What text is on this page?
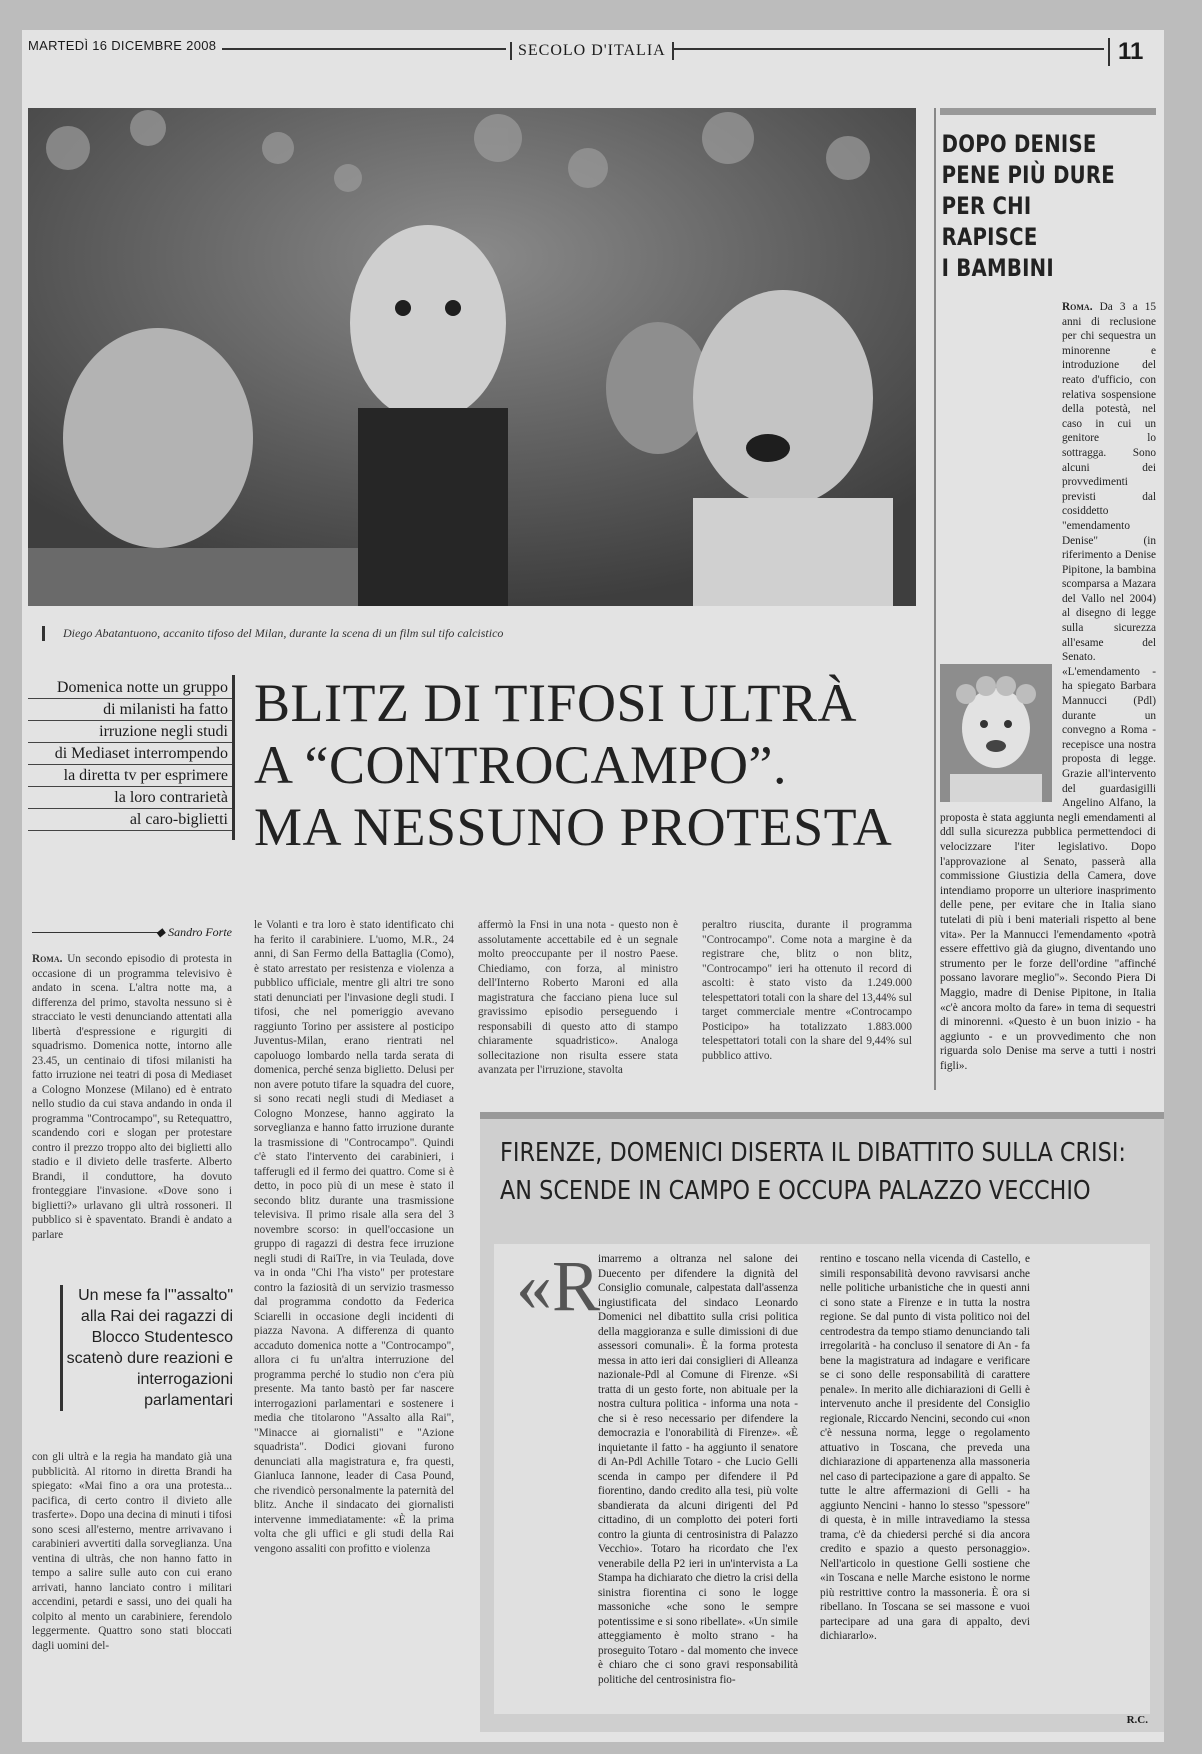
MARTEDÌ 16 DICEMBRE 2008	SECOLO D'ITALIA	11
Diego Abatantuono, accanito tifoso del Milan, durante la scena di un film sul tifo calcistico
Domenica notte un gruppo
di milanisti ha fatto
irruzione negli studi
di Mediaset interrompendo
la diretta tv per esprimere
la loro contrarietà
al caro-biglietti
BLITZ DI TIFOSI ULTRÀ
A “CONTROCAMPO”.
MA NESSUNO PROTESTA
◆ Sandro Forte
Roma. Un secondo episodio di protesta in occasione di un programma televisivo è andato in scena. L'altra notte ma, a differenza del primo, stavolta nessuno si è stracciato le vesti denunciando attentati alla libertà d'espressione e rigurgiti di squadrismo. Domenica notte, intorno alle 23.45, un centinaio di tifosi milanisti ha fatto irruzione nei teatri di posa di Mediaset a Cologno Monzese (Milano) ed è entrato nello studio da cui stava andando in onda il programma "Controcampo", su Retequattro, scandendo cori e slogan per protestare contro il prezzo troppo alto dei biglietti allo stadio e il divieto delle trasferte. Alberto Brandi, il conduttore, ha dovuto fronteggiare l'invasione. «Dove sono i biglietti?» urlavano gli ultrà rossoneri. Il pubblico si è spaventato. Brandi è andato a parlare
Un mese fa l'"assalto" alla Rai dei ragazzi di Blocco Studentesco scatenò dure reazioni e interrogazioni parlamentari
con gli ultrà e la regia ha mandato già una pubblicità. Al ritorno in diretta Brandi ha spiegato: «Mai fino a ora una protesta... pacifica, di certo contro il divieto alle trasferte». Dopo una decina di minuti i tifosi sono scesi all'esterno, mentre arrivavano i carabinieri avvertiti dalla sorveglianza. Una ventina di ultràs, che non hanno fatto in tempo a salire sulle auto con cui erano arrivati, hanno lanciato contro i militari accendini, petardi e sassi, uno dei quali ha colpito al mento un carabiniere, ferendolo leggermente. Quattro sono stati bloccati dagli uomini del-
le Volanti e tra loro è stato identificato chi ha ferito il carabiniere. L'uomo, M.R., 24 anni, di San Fermo della Battaglia (Como), è stato arrestato per resistenza e violenza a pubblico ufficiale, mentre gli altri tre sono stati denunciati per l'invasione degli studi. I tifosi, che nel pomeriggio avevano raggiunto Torino per assistere al posticipo Juventus-Milan, erano rientrati nel capoluogo lombardo nella tarda serata di domenica, perché senza biglietto. Delusi per non avere potuto tifare la squadra del cuore, si sono recati negli studi di Mediaset a Cologno Monzese, hanno aggirato la sorveglianza e hanno fatto irruzione durante la trasmissione di "Controcampo". Quindi c'è stato l'intervento dei carabinieri, i tafferugli ed il fermo dei quattro. Come si è detto, in poco più di un mese è stato il secondo blitz durante una trasmissione televisiva. Il primo risale alla sera del 3 novembre scorso: in quell'occasione un gruppo di ragazzi di destra fece irruzione negli studi di RaiTre, in via Teulada, dove va in onda "Chi l'ha visto" per protestare contro la faziosità di un servizio trasmesso dal programma condotto da Federica Sciarelli in occasione degli incidenti di piazza Navona. A differenza di quanto accaduto domenica notte a "Controcampo", allora ci fu un'altra interruzione del programma perché lo studio non c'era più presente. Ma tanto bastò per far nascere interrogazioni parlamentari e sostenere i media che titolarono "Assalto alla Rai", "Minacce ai giornalisti" e "Azione squadrista". Dodici giovani furono denunciati alla magistratura e, fra questi, Gianluca Iannone, leader di Casa Pound, che rivendicò personalmente la paternità del blitz. Anche il sindacato dei giornalisti intervenne immediatamente: «È la prima volta che gli uffici e gli studi della Rai vengono assaliti con profitto e violenza
affermò la Fnsi in una nota - questo non è assolutamente accettabile ed è un segnale molto preoccupante per il nostro Paese. Chiediamo, con forza, al ministro dell'Interno Roberto Maroni ed alla magistratura che facciano piena luce sul gravissimo episodio perseguendo i responsabili di questo atto di stampo chiaramente squadristico». Analoga sollecitazione non risulta essere stata avanzata per l'irruzione, stavolta
peraltro riuscita, durante il programma "Controcampo". Come nota a margine è da registrare che, blitz o non blitz, "Controcampo" ieri ha ottenuto il record di ascolti: è stato visto da 1.249.000 telespettatori totali con la share del 13,44% sul target commerciale mentre «Controcampo Posticipo» ha totalizzato 1.883.000 telespettatori totali con la share del 9,44% sul pubblico attivo.
DOPO DENISE
PENE PIÙ DURE
PER CHI RAPISCE
I BAMBINI
Roma. Da 3 a 15 anni di reclusione per chi sequestra un minorenne e introduzione del reato d'ufficio, con relativa sospensione della potestà, nel caso in cui un genitore lo sottragga. Sono alcuni dei provvedimenti previsti dal cosiddetto "emendamento Denise" (in riferimento a Denise Pipitone, la bambina scomparsa a Mazara del Vallo nel 2004) al disegno di legge sulla sicurezza all'esame del Senato. «L'emendamento - ha spiegato Barbara Mannucci (Pdl) durante un convegno a Roma - recepisce una nostra proposta di legge. Grazie all'intervento del guardasigilli Angelino Alfano, la proposta è stata aggiunta negli emendamenti al ddl sulla sicurezza pubblica permettendoci di velocizzare l'iter legislativo. Dopo l'approvazione al Senato, passerà alla commissione Giustizia della Camera, dove intendiamo proporre un ulteriore inasprimento delle pene, per evitare che in Italia siano tutelati di più i beni materiali rispetto al bene vita». Per la Mannucci l'emendamento «potrà essere effettivo già da giugno, diventando uno strumento per le forze dell'ordine "affinché possano lavorare meglio"». Secondo Piera Di Maggio, madre di Denise Pipitone, in Italia «c'è ancora molto da fare» in tema di sequestri di minorenni. «Questo è un buon inizio - ha aggiunto - e un provvedimento che non riguarda solo Denise ma serve a tutti i nostri figli».
FIRENZE, DOMENICI DISERTA IL DIBATTITO SULLA CRISI:
AN SCENDE IN CAMPO E OCCUPA PALAZZO VECCHIO
«R
imarremo a oltranza nel salone dei Duecento per difendere la dignità del Consiglio comunale, calpestata dall'assenza ingiustificata del sindaco Leonardo Domenici nel dibattito sulla crisi politica della maggioranza e sulle dimissioni di due assessori comunali». È la forma protesta messa in atto ieri dai consiglieri di Alleanza nazionale-Pdl al Comune di Firenze. «Si tratta di un gesto forte, non abituale per la nostra cultura politica - informa una nota - che si è reso necessario per difendere la democrazia e l'onorabilità di Firenze». «È inquietante il fatto - ha aggiunto il senatore di An-Pdl Achille Totaro - che Lucio Gelli scenda in campo per difendere il Pd fiorentino, dando credito alla tesi, più volte sbandierata da alcuni dirigenti del Pd cittadino, di un complotto dei poteri forti contro la giunta di centrosinistra di Palazzo Vecchio». Totaro ha ricordato che l'ex venerabile della P2 ieri in un'intervista a La Stampa ha dichiarato che dietro la crisi della sinistra fiorentina ci sono le logge massoniche «che sono le sempre potentissime e si sono ribellate». «Un simile atteggiamento è molto strano - ha proseguito Totaro - dal momento che invece è chiaro che ci sono gravi responsabilità politiche del centrosinistra fio-
rentino e toscano nella vicenda di Castello, e simili responsabilità devono ravvisarsi anche nelle politiche urbanistiche che in questi anni ci sono state a Firenze e in tutta la nostra regione. Se dal punto di vista politico noi del centrodestra da tempo stiamo denunciando tali irregolarità - ha concluso il senatore di An - fa bene la magistratura ad indagare e verificare se ci sono delle responsabilità di carattere penale». In merito alle dichiarazioni di Gelli è intervenuto anche il presidente del Consiglio regionale, Riccardo Nencini, secondo cui «non c'è nessuna norma, legge o regolamento attuativo in Toscana, che preveda una dichiarazione di appartenenza alla massoneria nel caso di partecipazione a gare di appalto. Se tutte le altre affermazioni di Gelli - ha aggiunto Nencini - hanno lo stesso "spessore" di questa, è in mille intravediamo la stessa trama, c'è da chiedersi perché si dia ancora credito e spazio a questo personaggio». Nell'articolo in questione Gelli sostiene che «in Toscana e nelle Marche esistono le norme più restrittive contro la massoneria. È ora si ribellano. In Toscana se sei massone e vuoi partecipare ad una gara di appalto, devi dichiararlo».
R.C.
